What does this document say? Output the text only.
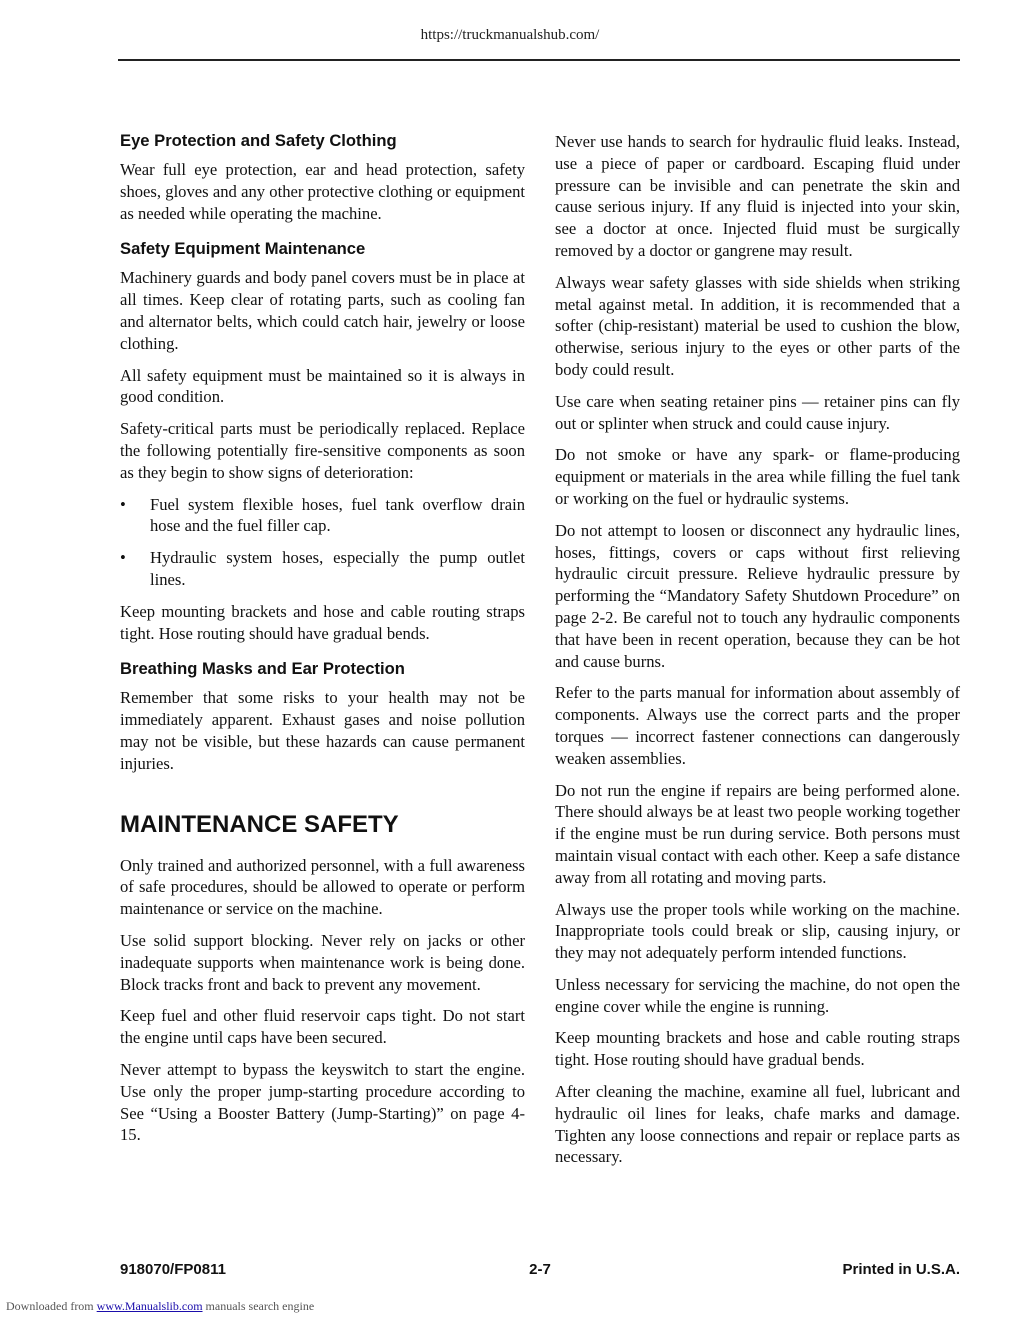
https://truckmanualshub.com/
Eye Protection and Safety Clothing

Wear full eye protection, ear and head protection, safety shoes, gloves and any other protective clothing or equipment as needed while operating the machine.

Safety Equipment Maintenance

Machinery guards and body panel covers must be in place at all times. Keep clear of rotating parts, such as cooling fan and alternator belts, which could catch hair, jewelry or loose clothing.

All safety equipment must be maintained so it is always in good condition.

Safety-critical parts must be periodically replaced. Replace the following potentially fire-sensitive components as soon as they begin to show signs of deterioration:

• Fuel system flexible hoses, fuel tank overflow drain hose and the fuel filler cap.
• Hydraulic system hoses, especially the pump outlet lines.

Keep mounting brackets and hose and cable routing straps tight. Hose routing should have gradual bends.

Breathing Masks and Ear Protection

Remember that some risks to your health may not be immediately apparent. Exhaust gases and noise pollution may not be visible, but these hazards can cause permanent injuries.

MAINTENANCE SAFETY

Only trained and authorized personnel, with a full awareness of safe procedures, should be allowed to operate or perform maintenance or service on the machine.

Use solid support blocking. Never rely on jacks or other inadequate supports when maintenance work is being done. Block tracks front and back to prevent any movement.

Keep fuel and other fluid reservoir caps tight. Do not start the engine until caps have been secured.

Never attempt to bypass the keyswitch to start the engine. Use only the proper jump-starting procedure according to See “Using a Booster Battery (Jump-Starting)” on page 4-15.

Never use hands to search for hydraulic fluid leaks. Instead, use a piece of paper or cardboard. Escaping fluid under pressure can be invisible and can penetrate the skin and cause serious injury. If any fluid is injected into your skin, see a doctor at once. Injected fluid must be surgically removed by a doctor or gangrene may result.

Always wear safety glasses with side shields when striking metal against metal. In addition, it is recommended that a softer (chip-resistant) material be used to cushion the blow, otherwise, serious injury to the eyes or other parts of the body could result.

Use care when seating retainer pins — retainer pins can fly out or splinter when struck and could cause injury.

Do not smoke or have any spark- or flame-producing equipment or materials in the area while filling the fuel tank or working on the fuel or hydraulic systems.

Do not attempt to loosen or disconnect any hydraulic lines, hoses, fittings, covers or caps without first relieving hydraulic circuit pressure. Relieve hydraulic pressure by performing the “Mandatory Safety Shutdown Procedure” on page 2-2. Be careful not to touch any hydraulic components that have been in recent operation, because they can be hot and cause burns.

Refer to the parts manual for information about assembly of components. Always use the correct parts and the proper torques — incorrect fastener connections can dangerously weaken assemblies.

Do not run the engine if repairs are being performed alone. There should always be at least two people working together if the engine must be run during service. Both persons must maintain visual contact with each other. Keep a safe distance away from all rotating and moving parts.

Always use the proper tools while working on the machine. Inappropriate tools could break or slip, causing injury, or they may not adequately perform intended functions.

Unless necessary for servicing the machine, do not open the engine cover while the engine is running.

Keep mounting brackets and hose and cable routing straps tight. Hose routing should have gradual bends.

After cleaning the machine, examine all fuel, lubricant and hydraulic oil lines for leaks, chafe marks and damage. Tighten any loose connections and repair or replace parts as necessary.

918070/FP0811	2-7	Printed in U.S.A.
Downloaded from www.Manualslib.com manuals search engine
